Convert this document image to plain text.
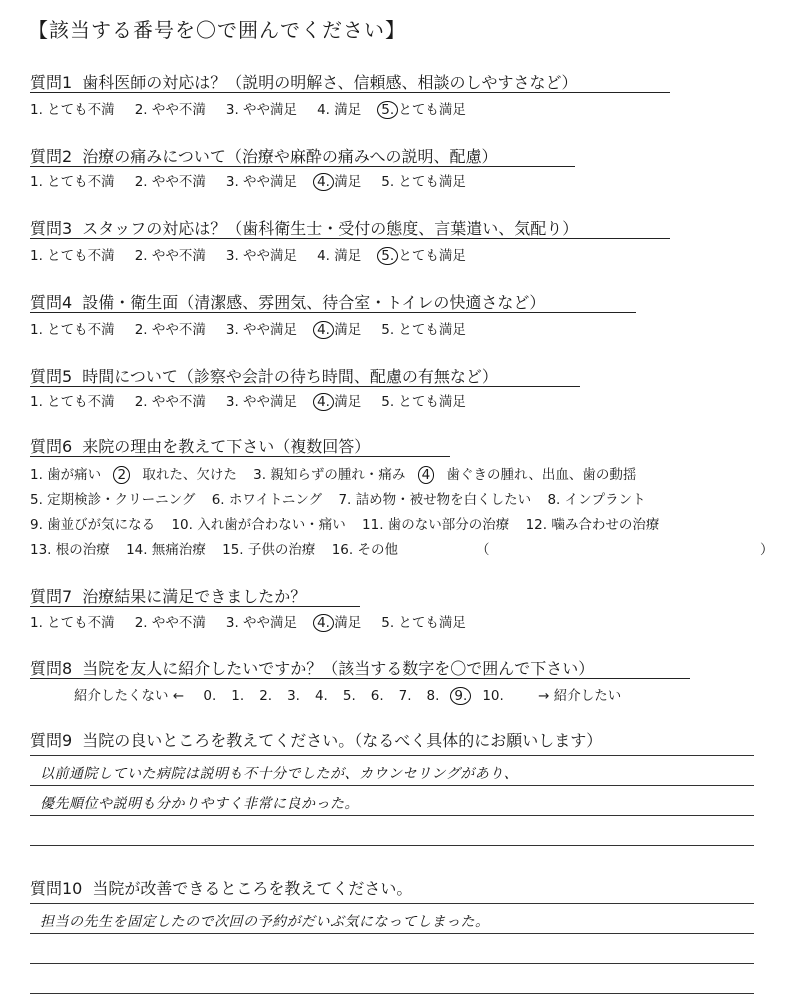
【該当する番号を〇で囲んでください】
質問1 歯科医師の対応は？（説明の明解さ、信頼感、相談のしやすさなど）
1. とても不満 2. やや不満 3. やや満足 4. 満足 5. とても満足
質問2 治療の痛みについて（治療や麻酔の痛みへの説明、配慮）
1. とても不満 2. やや不満 3. やや満足 4. 満足 5. とても満足
質問3 スタッフの対応は？（歯科衛生士・受付の態度、言葉遣い、気配り）
1. とても不満 2. やや不満 3. やや満足 4. 満足 5. とても満足
質問4 設備・衛生面（清潔感、雰囲気、待合室・トイレの快適さなど）
1. とても不満 2. やや不満 3. やや満足 4. 満足 5. とても満足
質問5 時間について（診察や会計の待ち時間、配慮の有無など）
1. とても不満 2. やや不満 3. やや満足 4. 満足 5. とても満足
質問6 来院の理由を教えて下さい（複数回答）
1. 歯が痛い 2 取れた、欠けた 3. 親知らずの腫れ・痛み 4 歯ぐきの腫れ、出血、歯の動揺
5. 定期検診・クリーニング 6. ホワイトニング 7. 詰め物・被せ物を白くしたい 8. インプラント
9. 歯並びが気になる 10. 入れ歯が合わない・痛い 11. 歯のない部分の治療 12. 噛み合わせの治療
13. 根の治療 14. 無痛治療 15. 子供の治療 16. その他	（	）
質問7 治療結果に満足できましたか？
1. とても不満 2. やや不満 3. やや満足 4. 満足 5. とても満足
質問8 当院を友人に紹介したいですか？（該当する数字を〇で囲んで下さい）
紹介したくない ← 0. 1. 2. 3. 4. 5. 6. 7. 8. 9. 10.	→ 紹介したい
質問9 当院の良いところを教えてください。（なるべく具体的にお願いします）
以前通院していた病院は説明も不十分でしたが、カウンセリングがあり、
優先順位や説明も分かりやすく非常に良かった。
質問10 当院が改善できるところを教えてください。
担当の先生を固定したので次回の予約がだいぶ気になってしまった。
